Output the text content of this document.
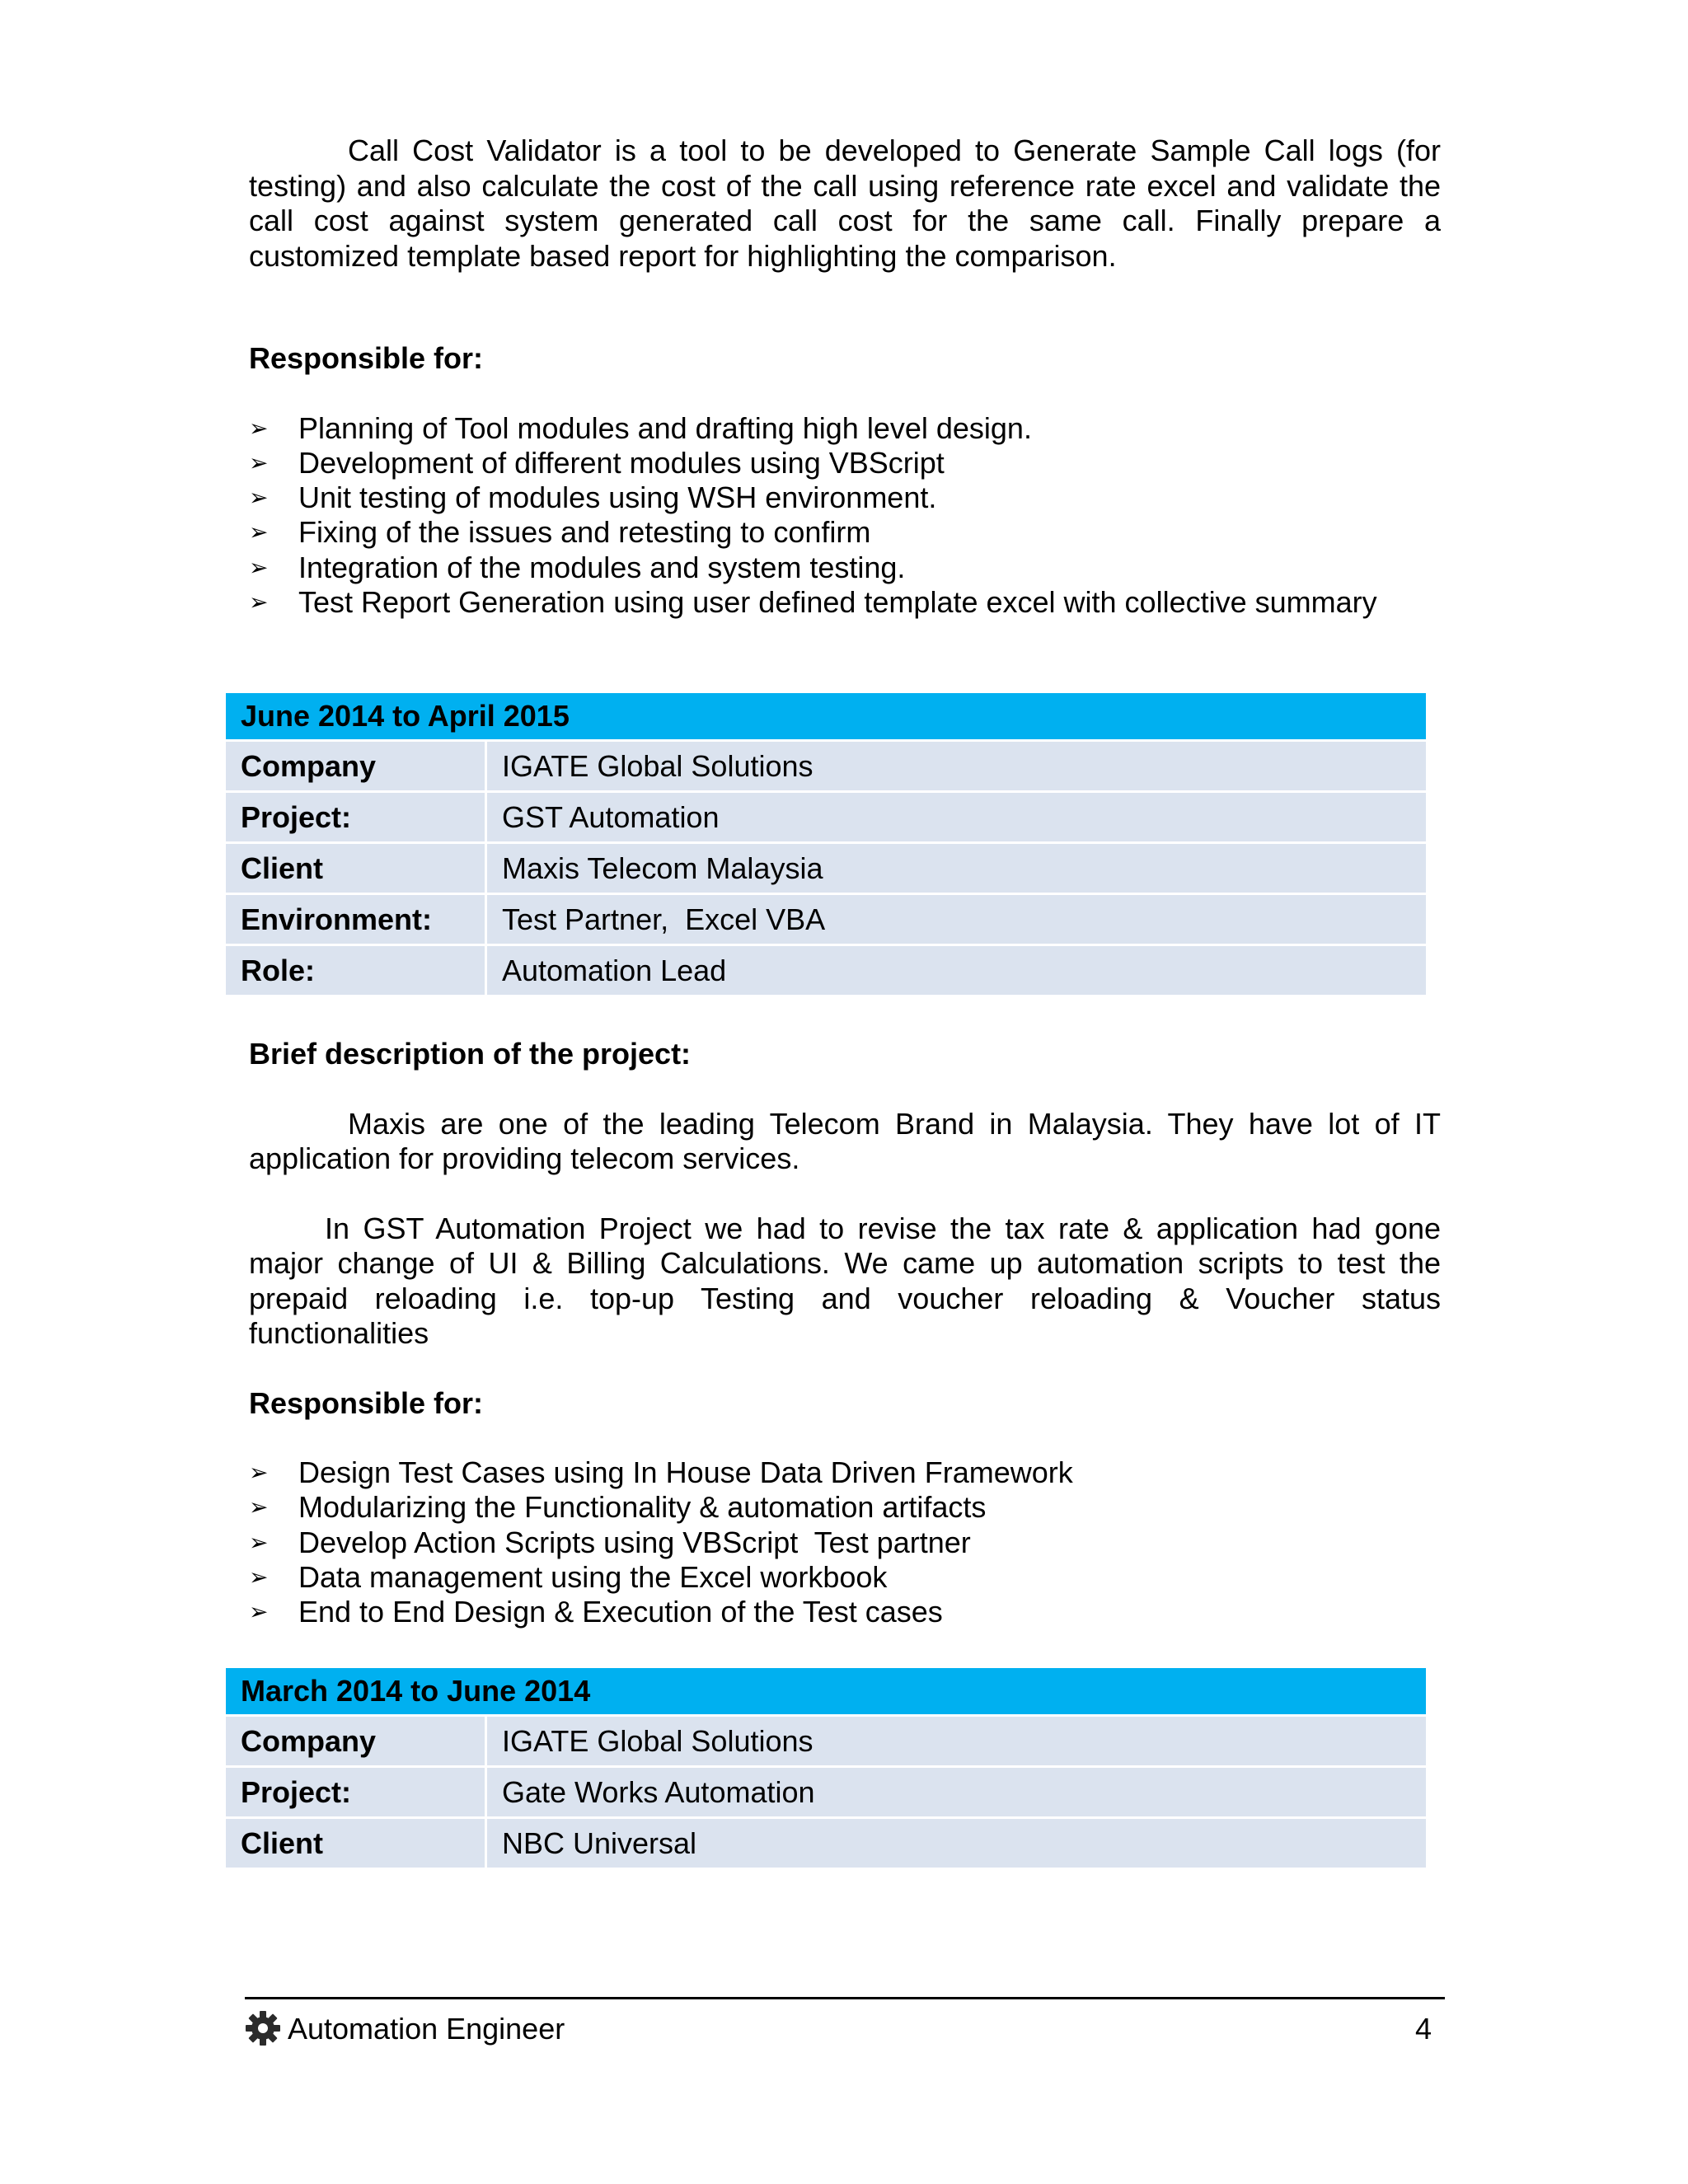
Call Cost Validator is a tool to be developed to Generate Sample Call logs (for testing) and also calculate the cost of the call using reference rate excel and validate the call cost against system generated call cost for the same call. Finally prepare a customized template based report for highlighting the comparison.

Responsible for:

➢ Planning of Tool modules and drafting high level design.
➢ Development of different modules using VBScript
➢ Unit testing of modules using WSH environment.
➢ Fixing of the issues and retesting to confirm
➢ Integration of the modules and system testing.
➢ Test Report Generation using user defined template excel with collective summary
June 2014 to April 2015	
Company	IGATE Global Solutions
Project:	GST Automation
Client	Maxis Telecom Malaysia
Environment:	Test Partner,  Excel VBA
Role:	Automation Lead

Brief description of the project:

Maxis are one of the leading Telecom Brand in Malaysia. They have lot of IT application for providing telecom services.

In GST Automation Project we had to revise the tax rate & application had gone major change of UI & Billing Calculations. We came up automation scripts to test the prepaid reloading i.e. top-up Testing and voucher reloading & Voucher status functionalities

Responsible for:

➢ Design Test Cases using In House Data Driven Framework
➢ Modularizing the Functionality & automation artifacts
➢ Develop Action Scripts using VBScript  Test partner
➢ Data management using the Excel workbook
➢ End to End Design & Execution of the Test cases
March 2014 to June 2014	
Company	IGATE Global Solutions
Project:	Gate Works Automation
Client	NBC Universal
Automation Engineer	4
